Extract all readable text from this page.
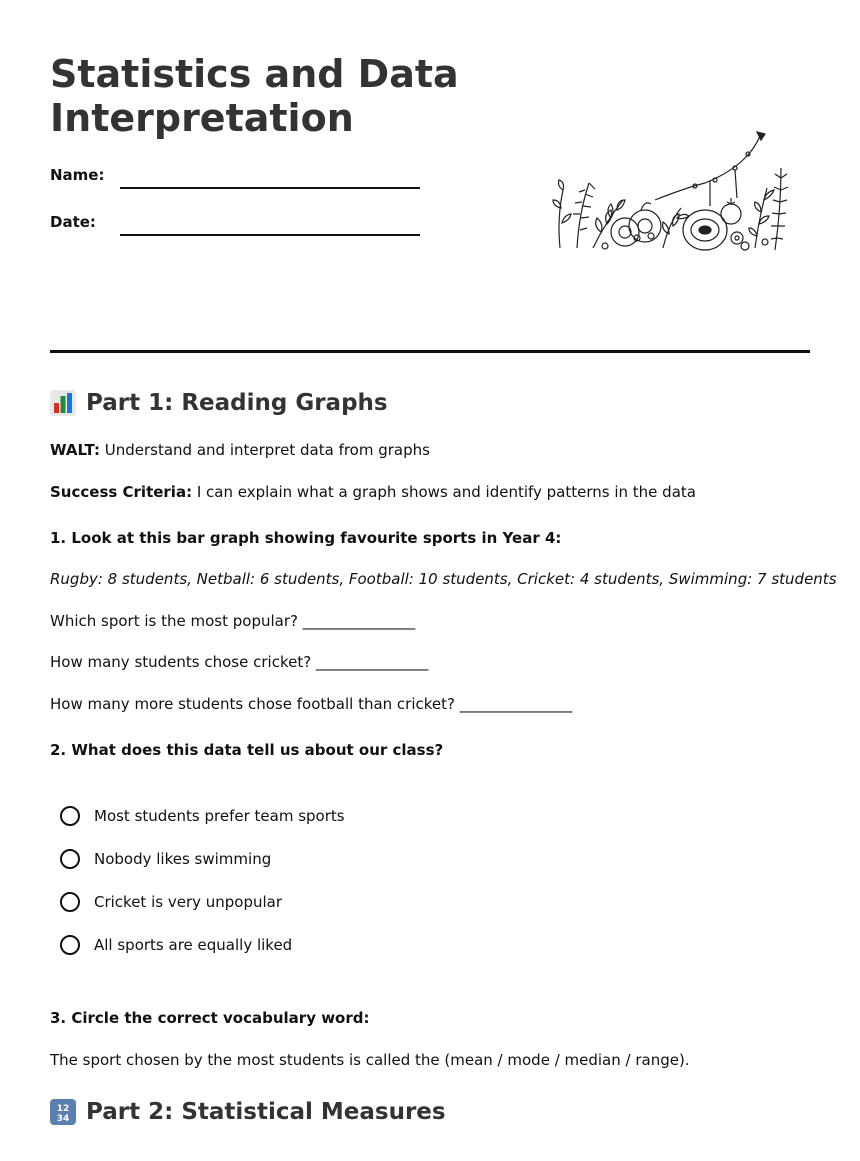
Statistics and Data Interpretation
Name:
Date:
Part 1: Reading Graphs
WALT: Understand and interpret data from graphs
Success Criteria: I can explain what a graph shows and identify patterns in the data
1. Look at this bar graph showing favourite sports in Year 4:
Rugby: 8 students, Netball: 6 students, Football: 10 students, Cricket: 4 students, Swimming: 7 students
Which sport is the most popular? _______________
How many students chose cricket? _______________
How many more students chose football than cricket? _______________
2. What does this data tell us about our class?
Most students prefer team sports
Nobody likes swimming
Cricket is very unpopular
All sports are equally liked
3. Circle the correct vocabulary word:
The sport chosen by the most students is called the (mean / mode / median / range).
12
34 Part 2: Statistical Measures
